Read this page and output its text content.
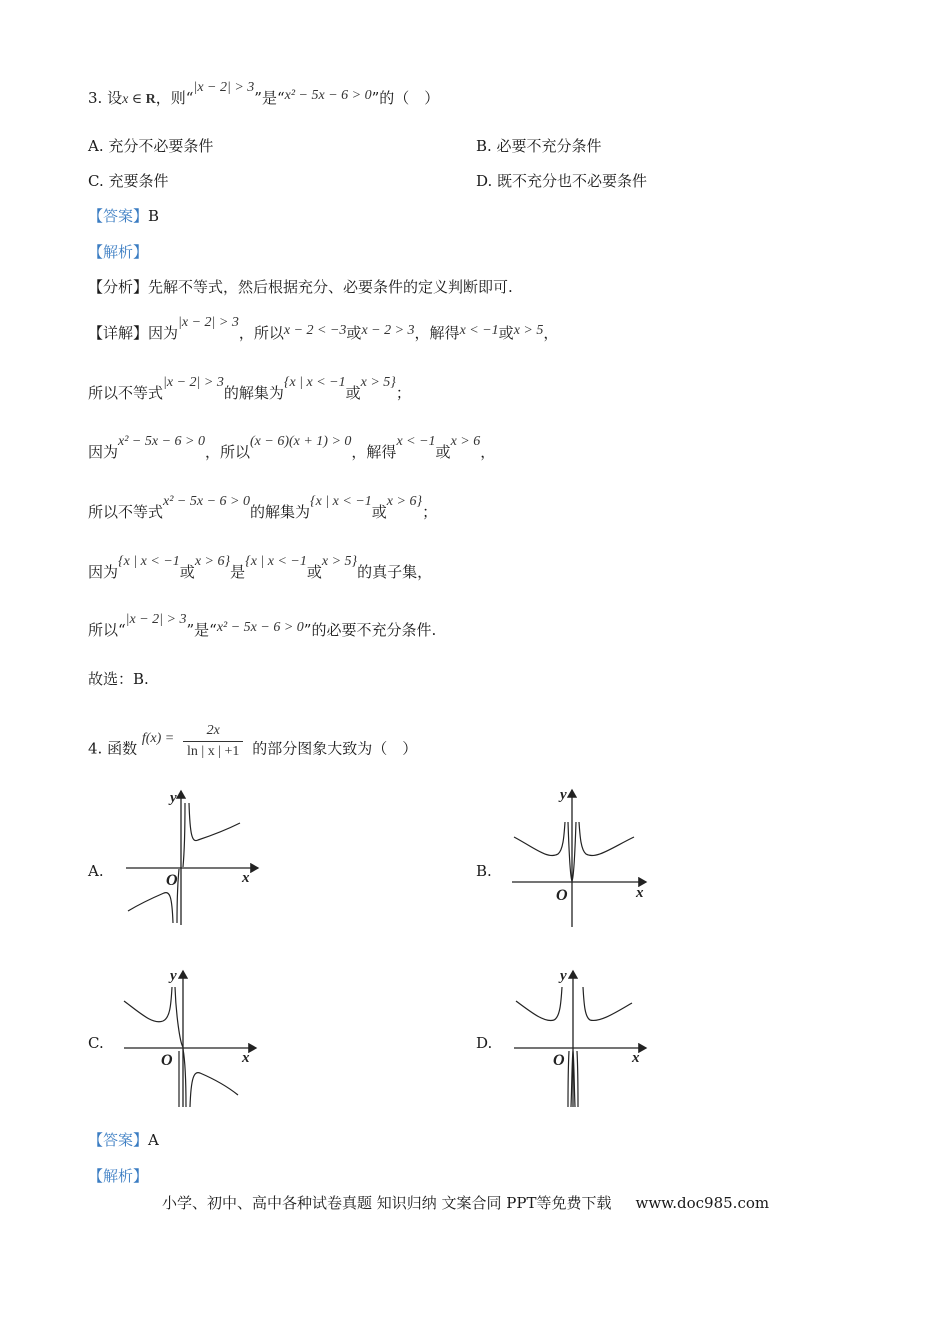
3. 设x ∈ R，则“|x − 2| > 3”是“x² − 5x − 6 > 0”的（　）
A. 充分不必要条件	B. 必要不充分条件
C. 充要条件	D. 既不充分也不必要条件
【答案】B
【解析】
【分析】先解不等式，然后根据充分、必要条件的定义判断即可.
【详解】因为|x − 2| > 3，所以x − 2 < −3或x − 2 > 3，解得x < −1或x > 5，
所以不等式|x − 2| > 3的解集为{x | x < −1或x > 5}；
因为x² − 5x − 6 > 0，所以(x − 6)(x + 1) > 0，解得x < −1或x > 6，
所以不等式x² − 5x − 6 > 0的解集为{x | x < −1或x > 6}；
因为{x | x < −1或x > 6}是{x | x < −1或x > 5}的真子集，
所以“|x − 2| > 3”是“x² − 5x − 6 > 0”的必要不充分条件.
故选：B.
4. 函数 $f(x) = \frac{2x}{\ln | x | +1}$ 的部分图象大致为（　）
A.	B.
C.	D.
y
x
O
y
x
O
y
x
O
y
x
O
【答案】A
【解析】
小学、初中、高中各种试卷真题 知识归纳 文案合同 PPT等免费下载 www.doc985.com
